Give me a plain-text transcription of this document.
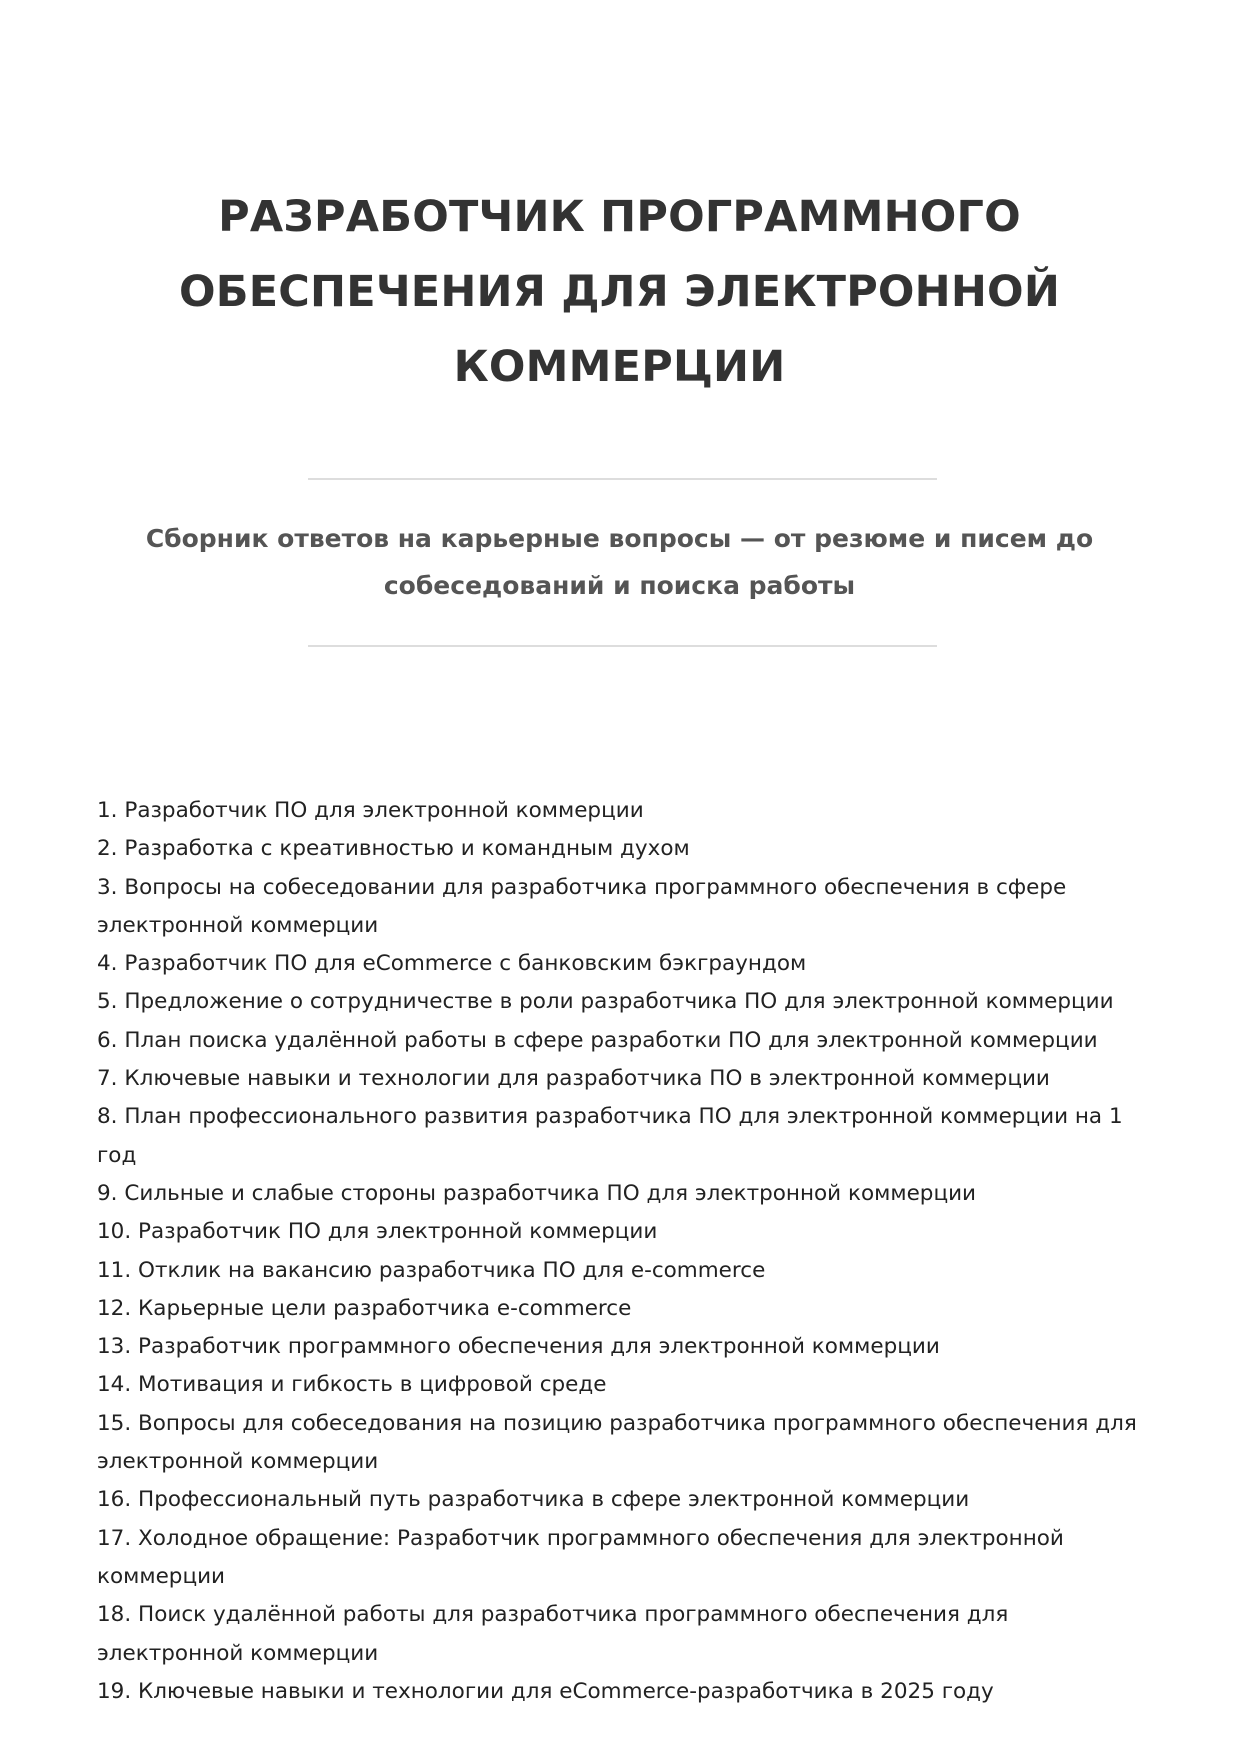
РАЗРАБОТЧИК ПРОГРАММНОГО ОБЕСПЕЧЕНИЯ ДЛЯ ЭЛЕКТРОННОЙ КОММЕРЦИИ

Сборник ответов на карьерные вопросы — от резюме и писем до собеседований и поиска работы

1. Разработчик ПО для электронной коммерции
2. Разработка с креативностью и командным духом
3. Вопросы на собеседовании для разработчика программного обеспечения в сфере электронной коммерции
4. Разработчик ПО для eCommerce с банковским бэкграундом
5. Предложение о сотрудничестве в роли разработчика ПО для электронной коммерции
6. План поиска удалённой работы в сфере разработки ПО для электронной коммерции
7. Ключевые навыки и технологии для разработчика ПО в электронной коммерции
8. План профессионального развития разработчика ПО для электронной коммерции на 1 год
9. Сильные и слабые стороны разработчика ПО для электронной коммерции
10. Разработчик ПО для электронной коммерции
11. Отклик на вакансию разработчика ПО для e-commerce
12. Карьерные цели разработчика e-commerce
13. Разработчик программного обеспечения для электронной коммерции
14. Мотивация и гибкость в цифровой среде
15. Вопросы для собеседования на позицию разработчика программного обеспечения для электронной коммерции
16. Профессиональный путь разработчика в сфере электронной коммерции
17. Холодное обращение: Разработчик программного обеспечения для электронной коммерции
18. Поиск удалённой работы для разработчика программного обеспечения для электронной коммерции
19. Ключевые навыки и технологии для eCommerce-разработчика в 2025 году
